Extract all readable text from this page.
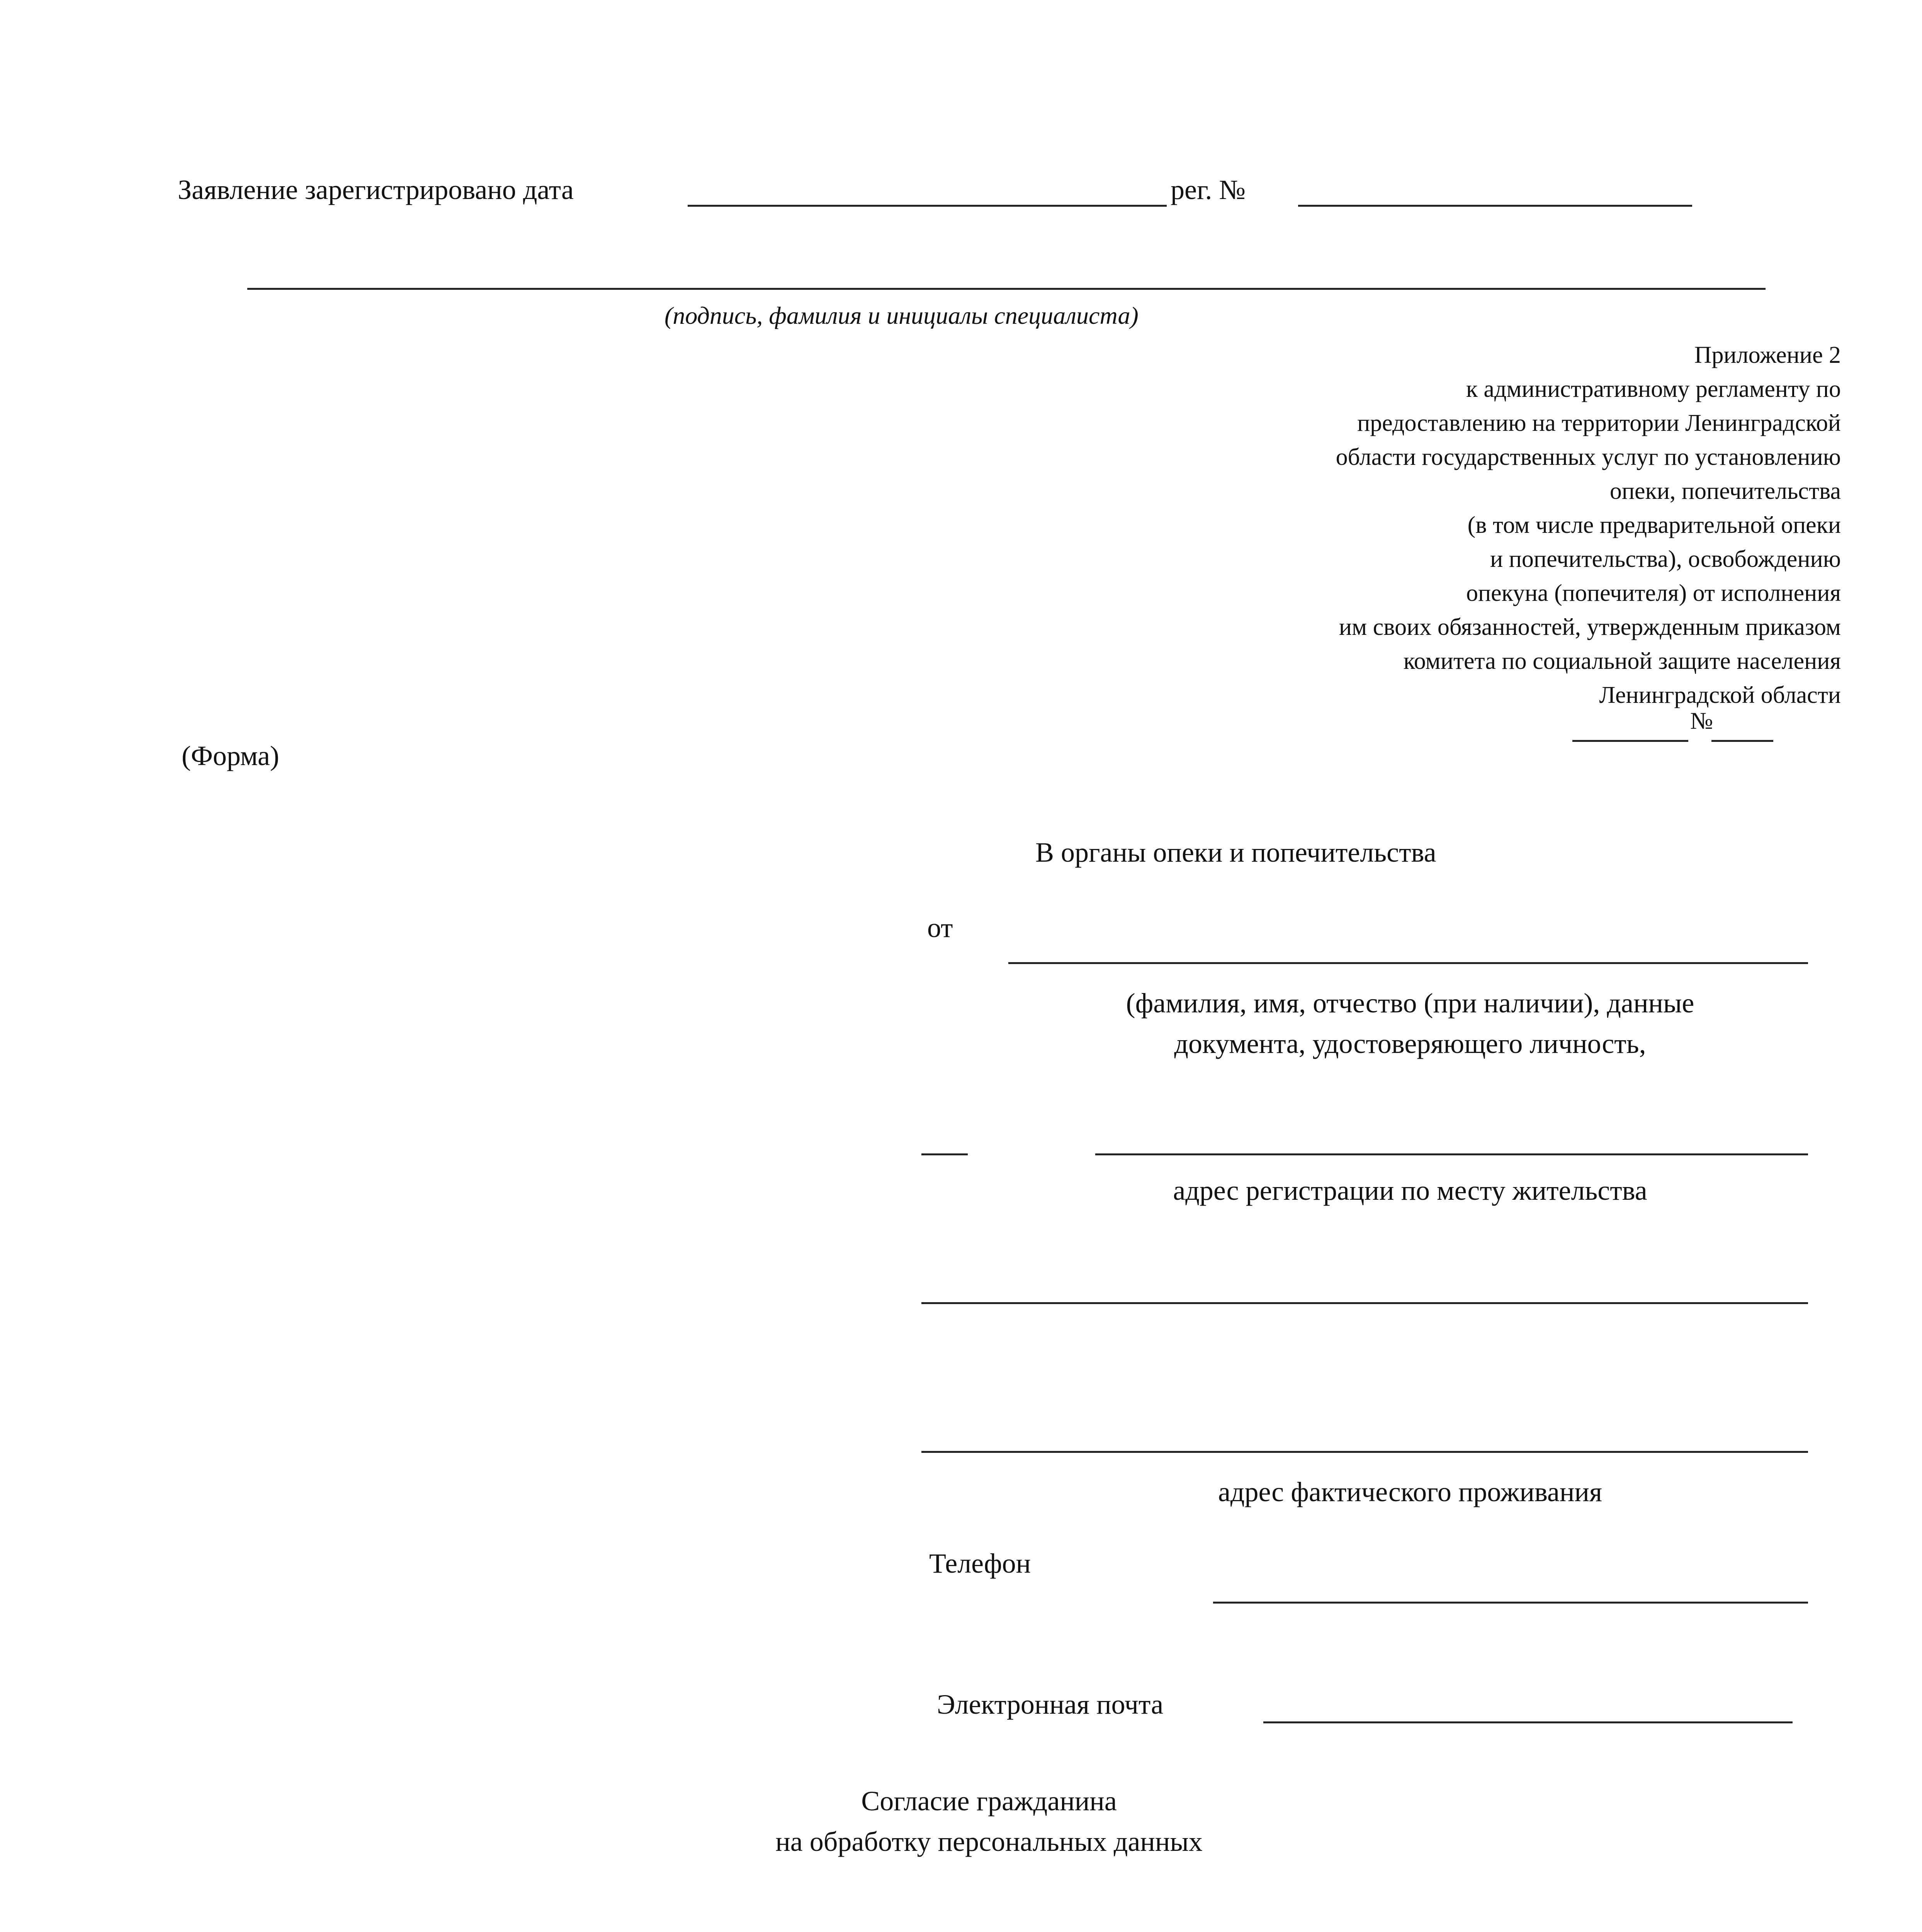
Заявление зарегистрировано дата	рег. №
(подпись, фамилия и инициалы специалиста)
Приложение 2
к административному регламенту по
предоставлению на территории Ленинградской
области государственных услуг по установлению
опеки, попечительства
(в том числе предварительной опеки
и попечительства), освобождению
опекуна (попечителя) от исполнения
им своих обязанностей, утвержденным приказом
комитета по социальной защите населения
Ленинградской области
№
(Форма)
В органы опеки и попечительства
от
(фамилия, имя, отчество (при наличии), данные
документа, удостоверяющего личность,
адрес регистрации по месту жительства
адрес фактического проживания
Телефон
Электронная почта
Согласие гражданина
на обработку персональных данных
